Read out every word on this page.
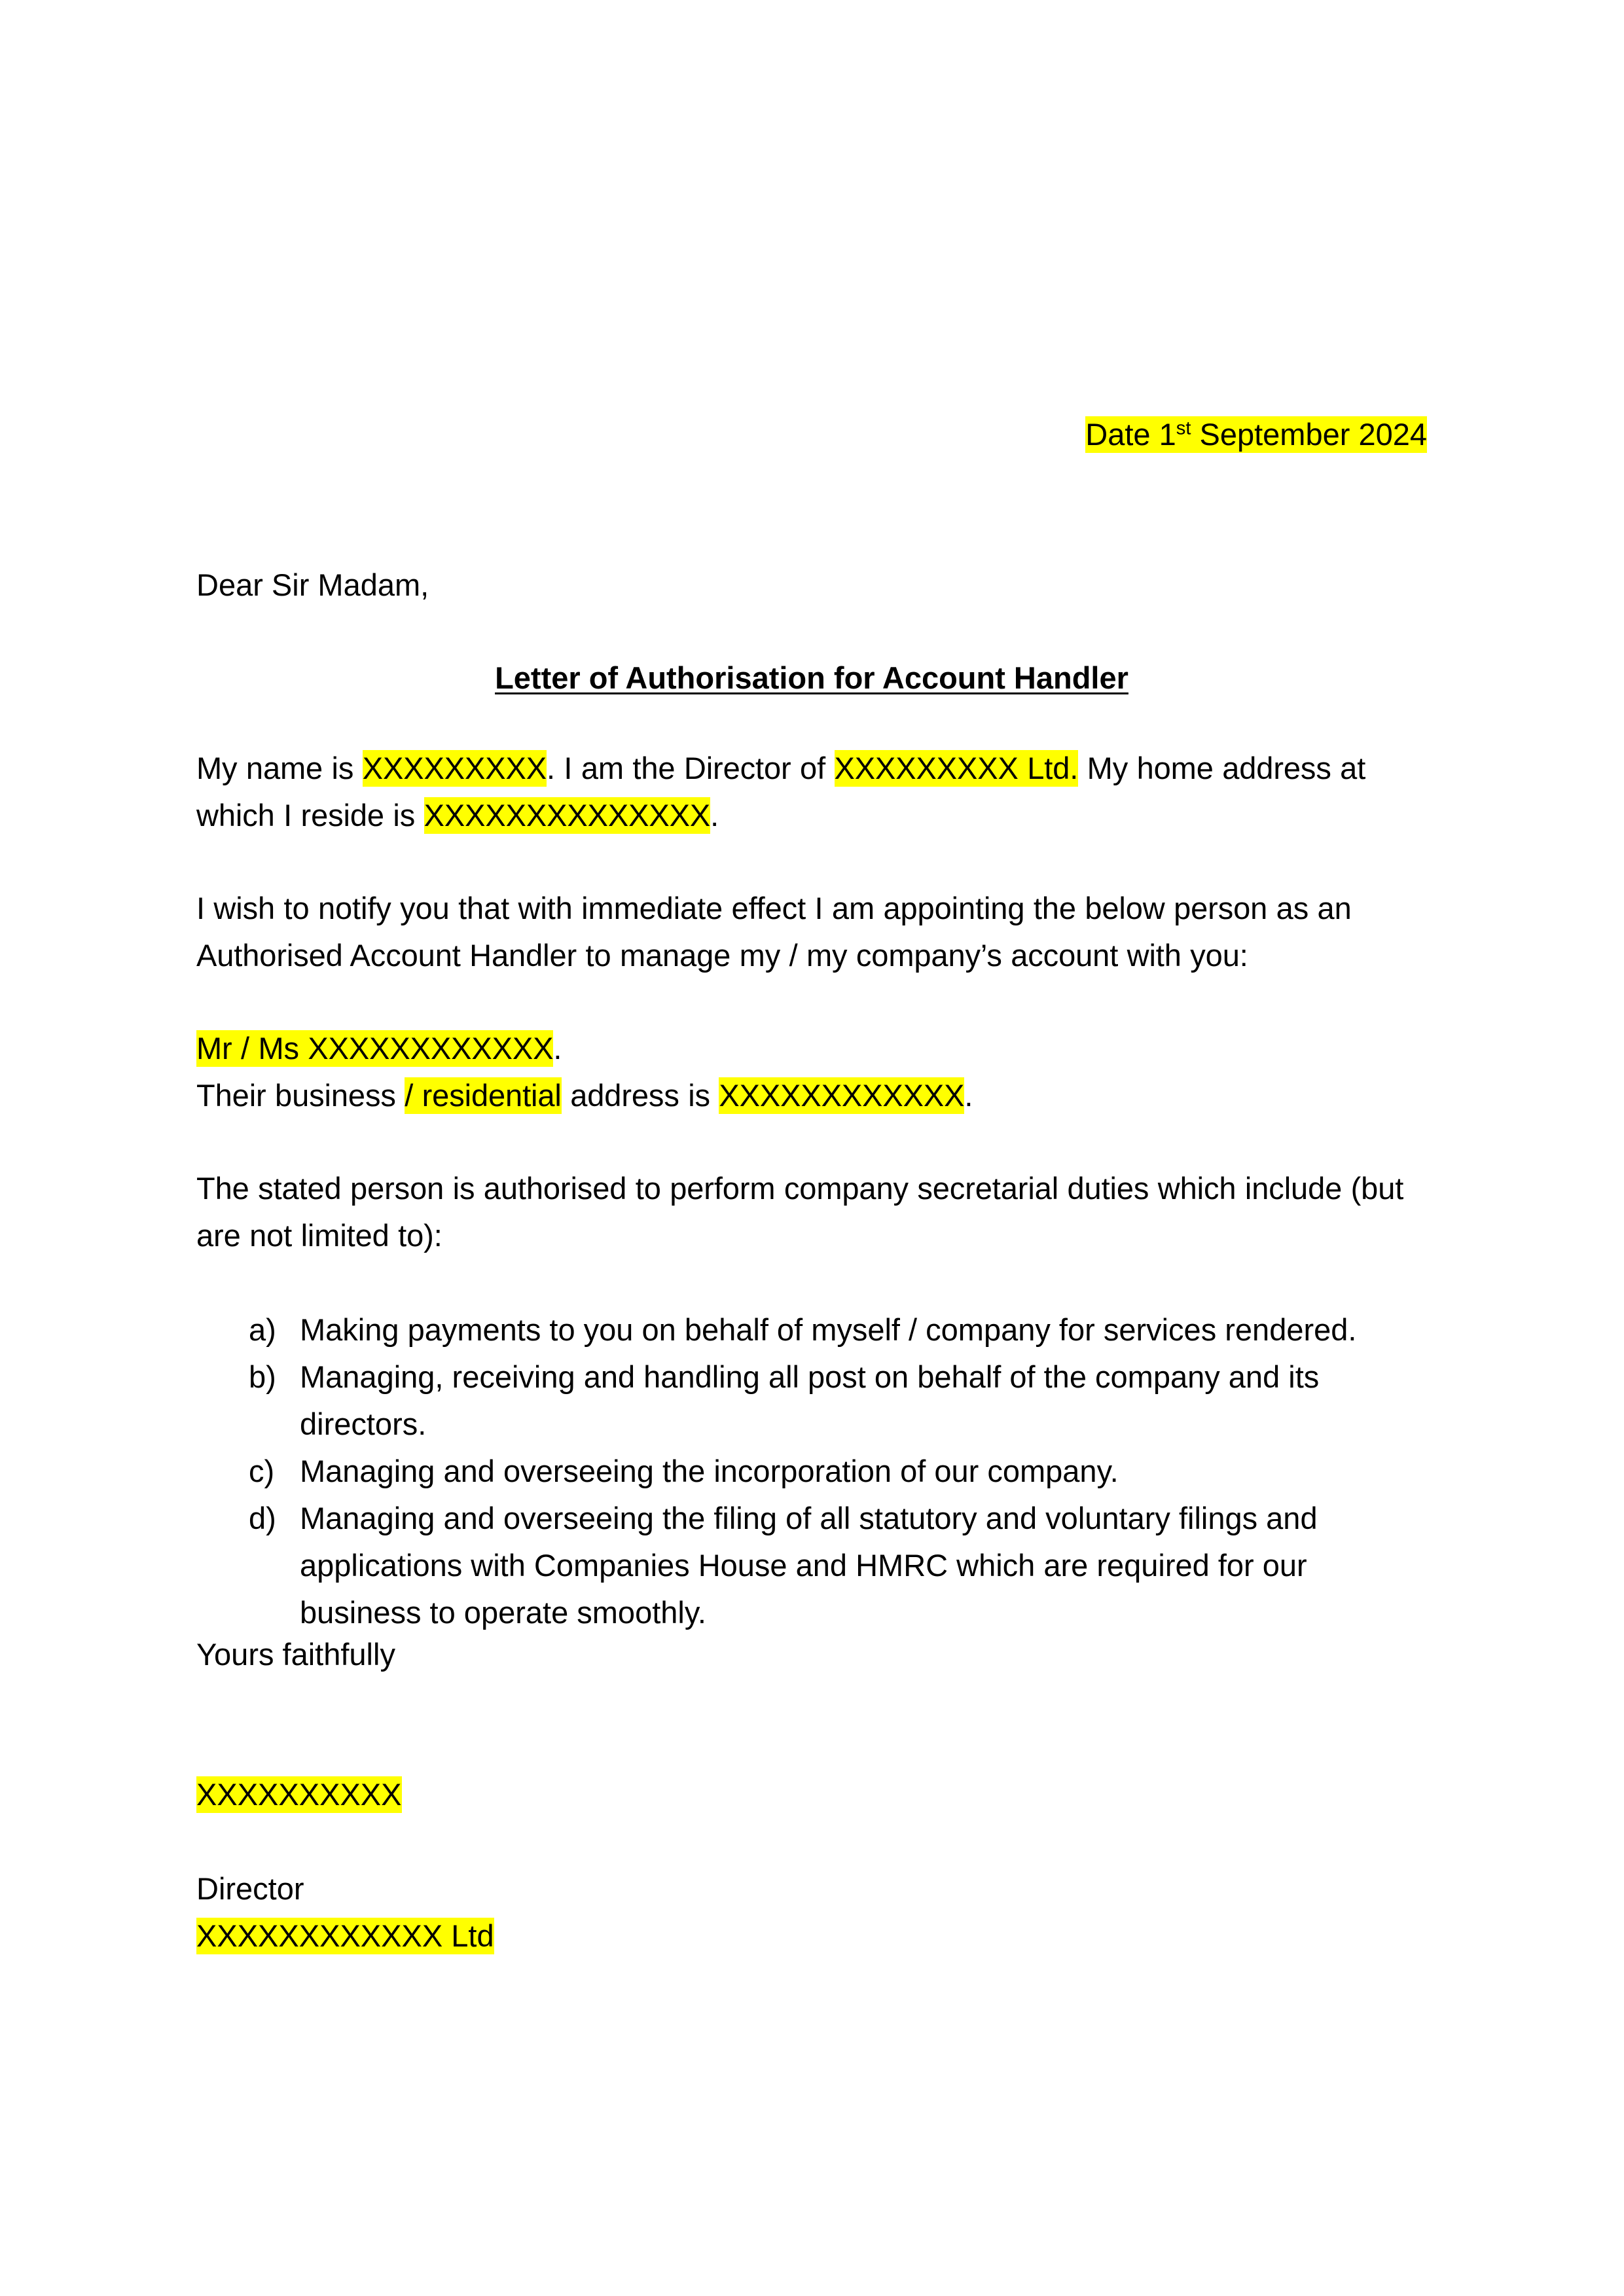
Date 1st September 2024
Dear Sir Madam,
Letter of Authorisation for Account Handler
My name is XXXXXXXXX. I am the Director of XXXXXXXXX Ltd. My home address at which I reside is XXXXXXXXXXXXXX.
I wish to notify you that with immediate effect I am appointing the below person as an Authorised Account Handler to manage my / my company’s account with you:
Mr / Ms XXXXXXXXXXXX.
Their business / residential address is XXXXXXXXXXXX.
The stated person is authorised to perform company secretarial duties which include (but are not limited to):
a) Making payments to you on behalf of myself / company for services rendered.
b) Managing, receiving and handling all post on behalf of the company and its directors.
c) Managing and overseeing the incorporation of our company.
d) Managing and overseeing the filing of all statutory and voluntary filings and applications with Companies House and HMRC which are required for our business to operate smoothly.
Yours faithfully
XXXXXXXXXX
Director
XXXXXXXXXXXX Ltd
